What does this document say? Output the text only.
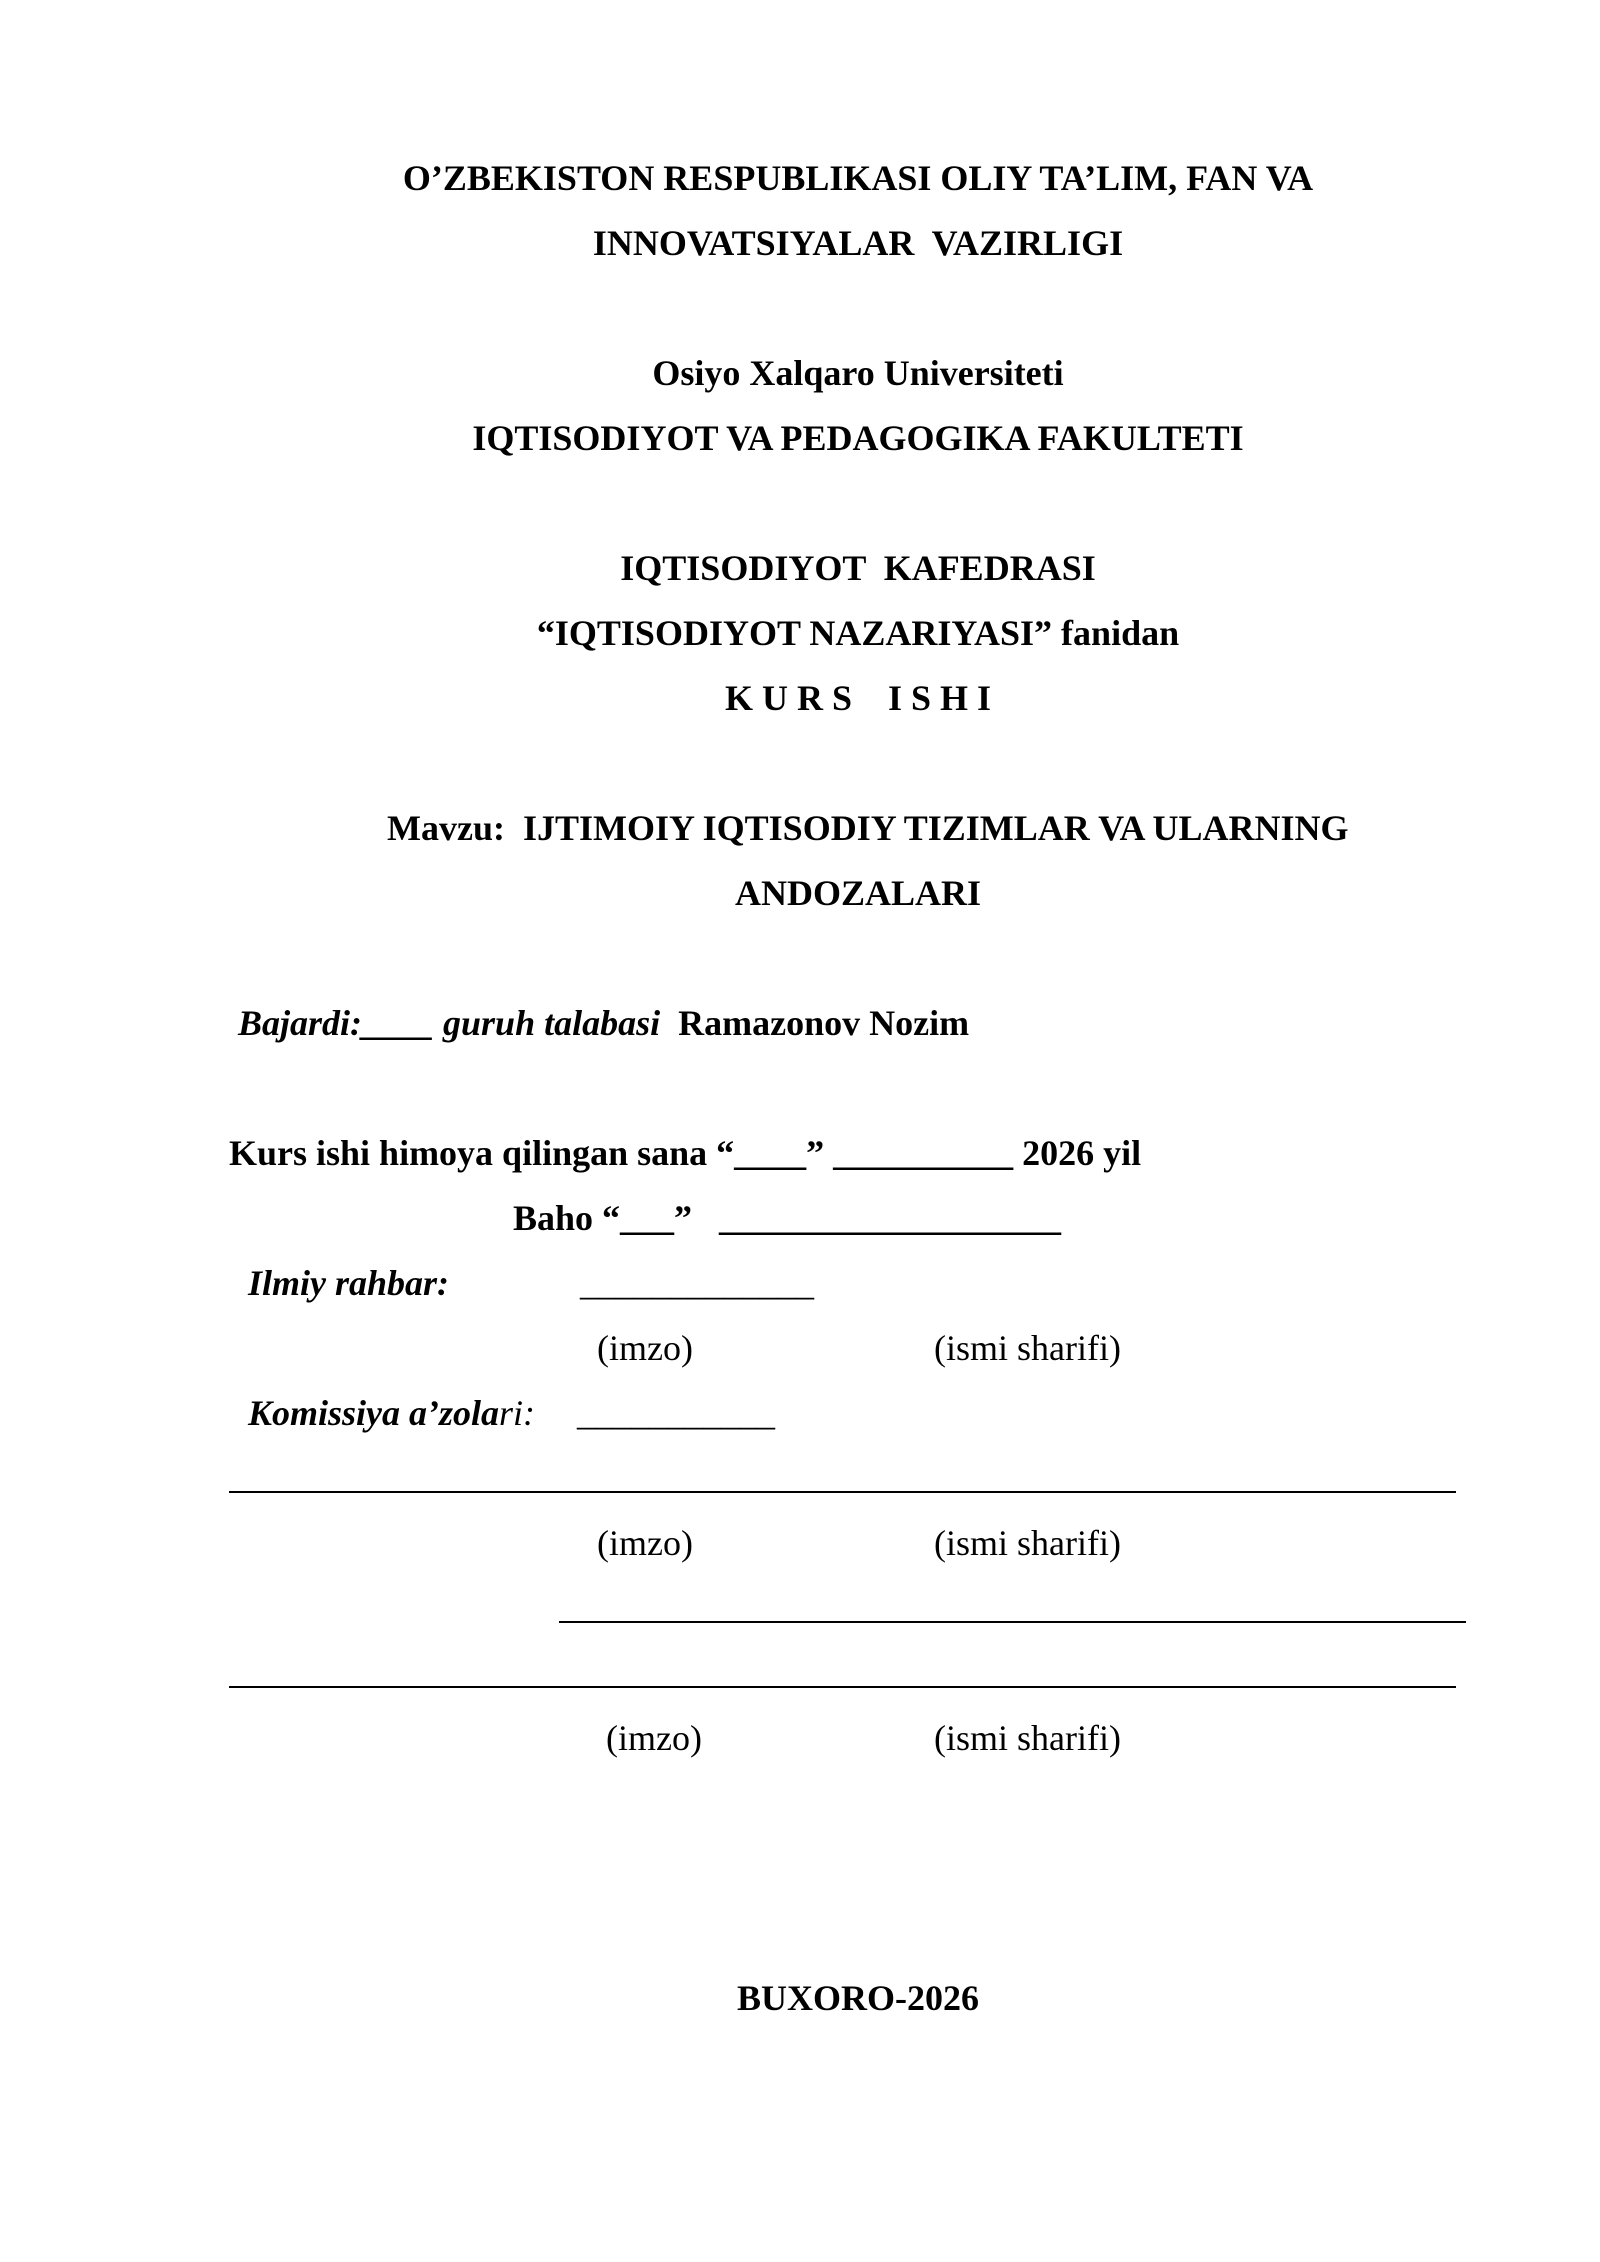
O’ZBEKISTON RESPUBLIKASI OLIY TA’LIM, FAN VA
INNOVATSIYALAR  VAZIRLIGI
Osiyo Xalqaro Universiteti
IQTISODIYOT VA PEDAGOGIKA FAKULTETI
IQTISODIYOT  KAFEDRASI
“IQTISODIYOT NAZARIYASI” fanidan
K U R S    I S H I
Mavzu:  IJTIMOIY IQTISODIY TIZIMLAR VA ULARNING
ANDOZALARI
Bajardi:____ guruh talabasi Ramazonov Nozim
Kurs ishi himoya qilingan sana “____” __________ 2026 yil
Baho “___”   ___________________
Ilmiy rahbar:	_____________
(imzo)	(ismi sharifi)
Komissiya a’zolari: ___________
(imzo)	(ismi sharifi)
(imzo)	(ismi sharifi)
BUXORO-2026
